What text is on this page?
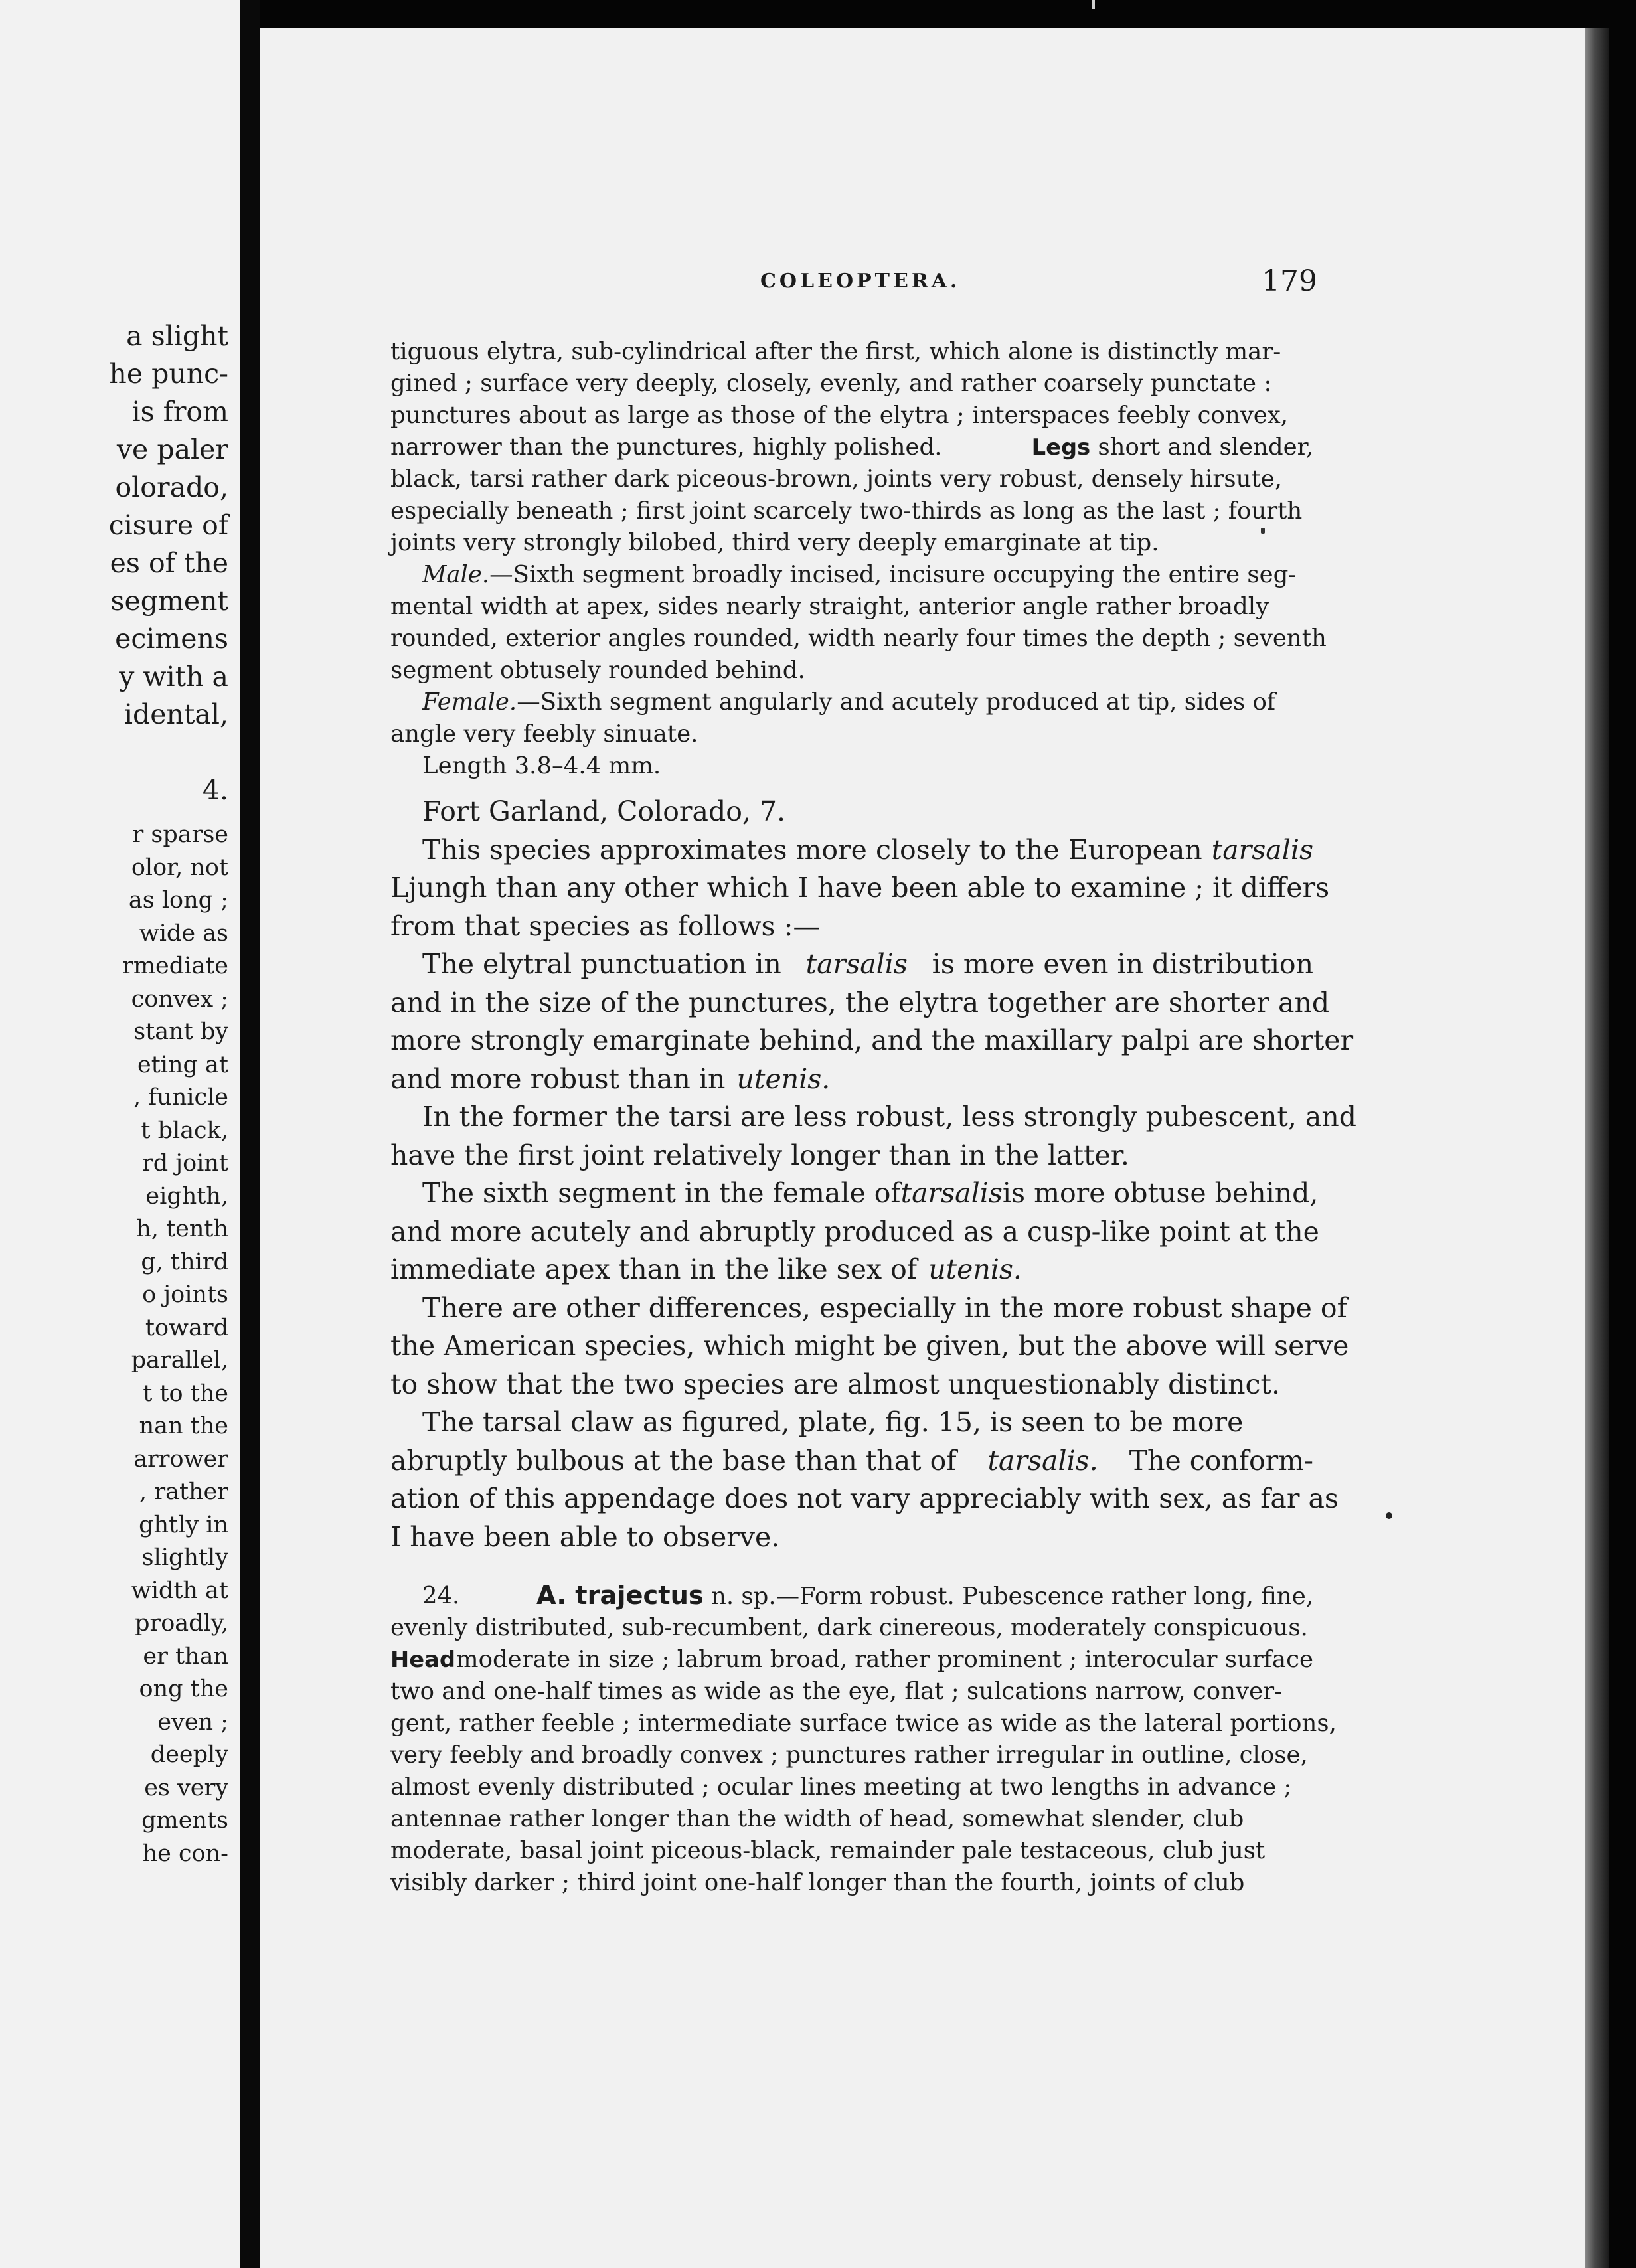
a slight
he punc-
is from
ve paler
olorado,
cisure of
es of the
segment
ecimens
y with a
idental,

4.
r sparse
olor, not
as long ;
wide as
rmediate
convex ;
stant by
eting at
, funicle
t black,
rd joint
eighth,
h, tenth
g, third
o joints
toward
parallel,
t to the
nan the
arrower
, rather
ghtly in
slightly
width at
proadly,
er than
ong the
even ;
deeply
es very
gments
he con-
COLEOPTERA.	179
tiguous elytra, sub-cylindrical after the first, which alone is distinctly mar-
gined ; surface very deeply, closely, evenly, and rather coarsely punctate :
punctures about as large as those of the elytra ; interspaces feebly convex,
narrower than the punctures, highly polished.	Legs short and slender,
black, tarsi rather dark piceous-brown, joints very robust, densely hirsute,
especially beneath ; first joint scarcely two-thirds as long as the last ; fourth
joints very strongly bilobed, third very deeply emarginate at tip.
Male.—Sixth segment broadly incised, incisure occupying the entire seg-
mental width at apex, sides nearly straight, anterior angle rather broadly
rounded, exterior angles rounded, width nearly four times the depth ; seventh
segment obtusely rounded behind.
Female.—Sixth segment angularly and acutely produced at tip, sides of
angle very feebly sinuate.
Length 3.8–4.4 mm.
Fort Garland, Colorado, 7.
This species approximates more closely to the European tarsalis
Ljungh than any other which I have been able to examine ; it differs
from that species as follows :—
The elytral punctuation in tarsalis is more even in distribution
and in the size of the punctures, the elytra together are shorter and
more strongly emarginate behind, and the maxillary palpi are shorter
and more robust than in utenis.
In the former the tarsi are less robust, less strongly pubescent, and
have the first joint relatively longer than in the latter.
The sixth segment in the female of tarsalis is more obtuse behind,
and more acutely and abruptly produced as a cusp-like point at the
immediate apex than in the like sex of utenis.
There are other differences, especially in the more robust shape of
the American species, which might be given, but the above will serve
to show that the two species are almost unquestionably distinct.
The tarsal claw as figured, plate, fig. 15, is seen to be more
abruptly bulbous at the base than that of tarsalis. The conform-
ation of this appendage does not vary appreciably with sex, as far as
I have been able to observe.
24.	A. trajectus n. sp.—Form robust. Pubescence rather long, fine,
evenly distributed, sub-recumbent, dark cinereous, moderately conspicuous.
Head moderate in size ; labrum broad, rather prominent ; interocular surface
two and one-half times as wide as the eye, flat ; sulcations narrow, conver-
gent, rather feeble ; intermediate surface twice as wide as the lateral portions,
very feebly and broadly convex ; punctures rather irregular in outline, close,
almost evenly distributed ; ocular lines meeting at two lengths in advance ;
antennae rather longer than the width of head, somewhat slender, club
moderate, basal joint piceous-black, remainder pale testaceous, club just
visibly darker ; third joint one-half longer than the fourth, joints of club
